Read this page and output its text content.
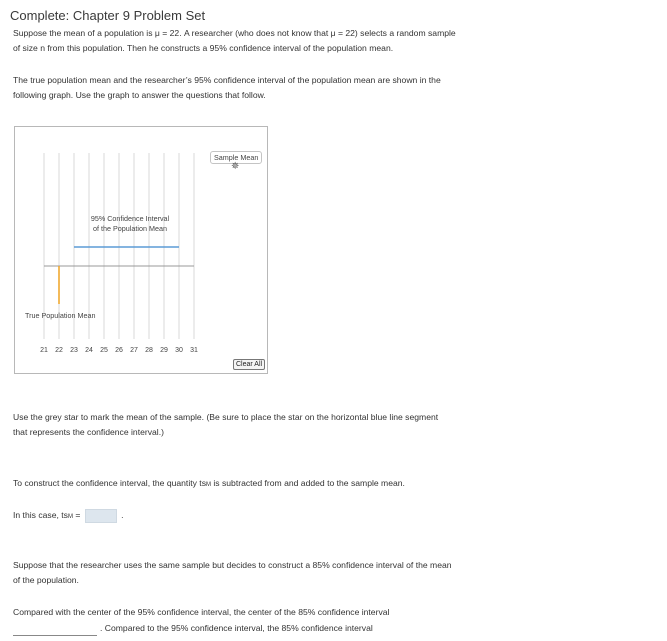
Complete: Chapter 9 Problem Set
Suppose the mean of a population is μ = 22. A researcher (who does not know that μ = 22) selects a random sample
of size n from this population. Then he constructs a 95% confidence interval of the population mean.
The true population mean and the researcher’s 95% confidence interval of the population mean are shown in the
following graph. Use the graph to answer the questions that follow.
Sample Mean
✵
95% Confidence Interval
of the Population Mean
True Population Mean
21	22	23	24	25	26	27	28	29	30	31
Clear All
Use the grey star to mark the mean of the sample. (Be sure to place the star on the horizontal blue line segment
that represents the confidence interval.)
To construct the confidence interval, the quantity tsM is subtracted from and added to the sample mean.
In this case, tsM =	.
Suppose that the researcher uses the same sample but decides to construct a 85% confidence interval of the mean
of the population.
Compared with the center of the 95% confidence interval, the center of the 85% confidence interval
. Compared to the 95% confidence interval, the 85% confidence interval
